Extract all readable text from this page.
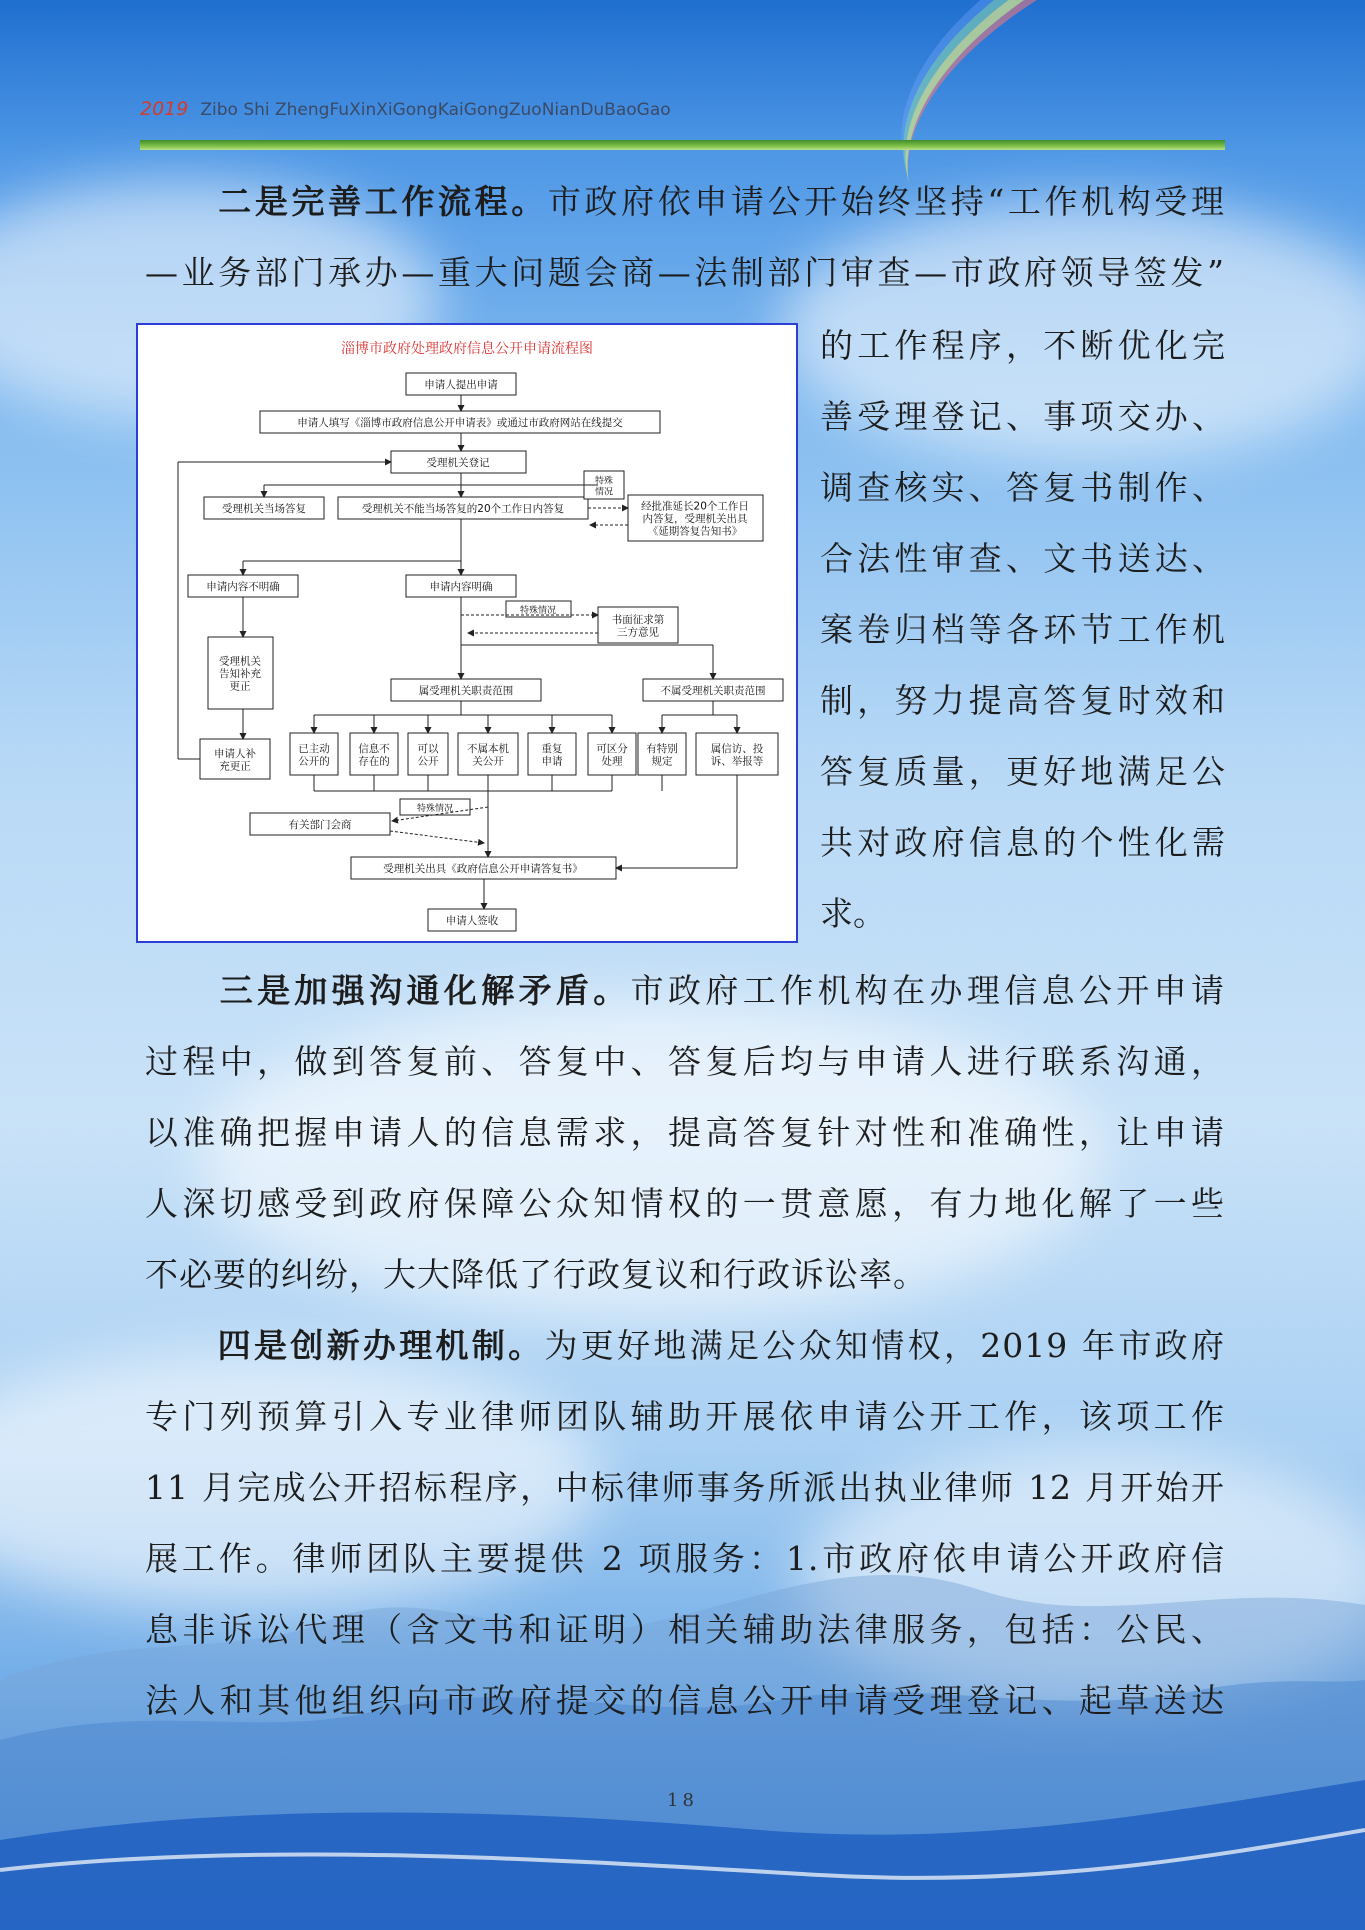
2019 Zibo Shi ZhengFuXinXiGongKaiGongZuoNianDuBaoGao
　　二是完善工作流程。市政府依申请公开始终坚持“工作机构受理
—业务部门承办—重大问题会商—法制部门审查—市政府领导签发”
淄博市政府处理政府信息公开申请流程图
申请人提出申请
申请人填写《淄博市政府信息公开申请表》或通过市政府网站在线提交
受理机关登记
受理机关当场答复	受理机关不能当场答复的20个工作日内答复
特殊
情况
经批准延长20个工作日
内答复，受理机关出具
《延期答复告知书》
申请内容不明确	申请内容明确
特殊情况
书面征求第
三方意见
受理机关
告知补充
更正
申请人补
充更正
属受理机关职责范围	不属受理机关职责范围
已主动
公开的
信息不
存在的
可以
公开
不属本机
关公开
重复
申请
可区分
处理
有特别
规定
属信访、投
诉、举报等
特殊情况
有关部门会商
受理机关出具《政府信息公开申请答复书》
申请人签收
的工作程序，不断优化完
善受理登记、事项交办、
调查核实、答复书制作、
合法性审查、文书送达、
案卷归档等各环节工作机
制，努力提高答复时效和
答复质量，更好地满足公
共对政府信息的个性化需
求。
　　三是加强沟通化解矛盾。市政府工作机构在办理信息公开申请
过程中，做到答复前、答复中、答复后均与申请人进行联系沟通，
以准确把握申请人的信息需求，提高答复针对性和准确性，让申请
人深切感受到政府保障公众知情权的一贯意愿，有力地化解了一些
不必要的纠纷，大大降低了行政复议和行政诉讼率。
　　四是创新办理机制。为更好地满足公众知情权，2019 年市政府
专门列预算引入专业律师团队辅助开展依申请公开工作，该项工作
11 月完成公开招标程序，中标律师事务所派出执业律师 12 月开始开
展工作。律师团队主要提供 2 项服务：1.市政府依申请公开政府信
息非诉讼代理（含文书和证明）相关辅助法律服务，包括：公民、
法人和其他组织向市政府提交的信息公开申请受理登记、起草送达
18
